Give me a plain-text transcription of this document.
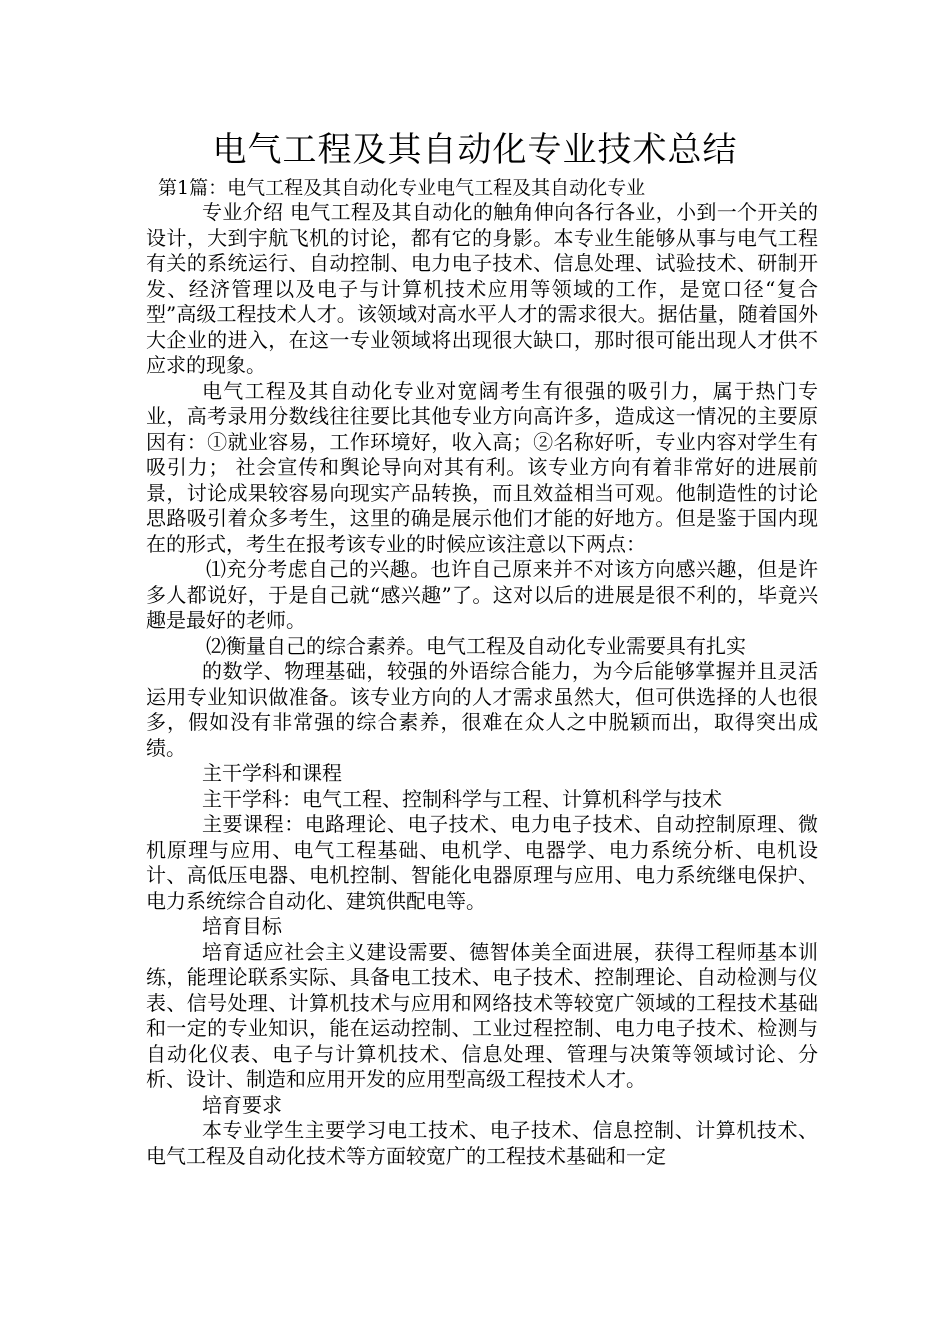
电气工程及其自动化专业技术总结
第1篇：电气工程及其自动化专业电气工程及其自动化专业

专业介绍 电气工程及其自动化的触角伸向各行各业，小到一个开关的设计，大到宇航飞机的讨论，都有它的身影。本专业生能够从事与电气工程有关的系统运行、自动控制、电力电子技术、信息处理、试验技术、研制开发、经济管理以及电子与计算机技术应用等领域的工作，是宽口径“复合型”高级工程技术人才。该领域对高水平人才的需求很大。据估量，随着国外大企业的进入，在这一专业领域将出现很大缺口，那时很可能出现人才供不应求的现象。

电气工程及其自动化专业对宽阔考生有很强的吸引力，属于热门专业，高考录用分数线往往要比其他专业方向高许多，造成这一情况的主要原因有：①就业容易，工作环境好，收入高；②名称好听，专业内容对学生有吸引力； 社会宣传和舆论导向对其有利。该专业方向有着非常好的进展前景，讨论成果较容易向现实产品转换，而且效益相当可观。他制造性的讨论思路吸引着众多考生，这里的确是展示他们才能的好地方。但是鉴于国内现在的形式，考生在报考该专业的时候应该注意以下两点：

⑴充分考虑自己的兴趣。也许自己原来并不对该方向感兴趣，但是许多人都说好，于是自己就“感兴趣”了。这对以后的进展是很不利的，毕竟兴趣是最好的老师。

⑵衡量自己的综合素养。电气工程及自动化专业需要具有扎实

的数学、物理基础，较强的外语综合能力，为今后能够掌握并且灵活运用专业知识做准备。该专业方向的人才需求虽然大，但可供选择的人也很多，假如没有非常强的综合素养，很难在众人之中脱颖而出，取得突出成绩。

主干学科和课程

主干学科：电气工程、控制科学与工程、计算机科学与技术

主要课程：电路理论、电子技术、电力电子技术、自动控制原理、微机原理与应用、电气工程基础、电机学、电器学、电力系统分析、电机设计、高低压电器、电机控制、智能化电器原理与应用、电力系统继电保护、电力系统综合自动化、建筑供配电等。

培育目标

培育适应社会主义建设需要、德智体美全面进展，获得工程师基本训练，能理论联系实际、具备电工技术、电子技术、控制理论、自动检测与仪表、信号处理、计算机技术与应用和网络技术等较宽广领域的工程技术基础和一定的专业知识，能在运动控制、工业过程控制、电力电子技术、检测与自动化仪表、电子与计算机技术、信息处理、管理与决策等领域讨论、分析、设计、制造和应用开发的应用型高级工程技术人才。

培育要求

本专业学生主要学习电工技术、电子技术、信息控制、计算机技术、电气工程及自动化技术等方面较宽广的工程技术基础和一定
